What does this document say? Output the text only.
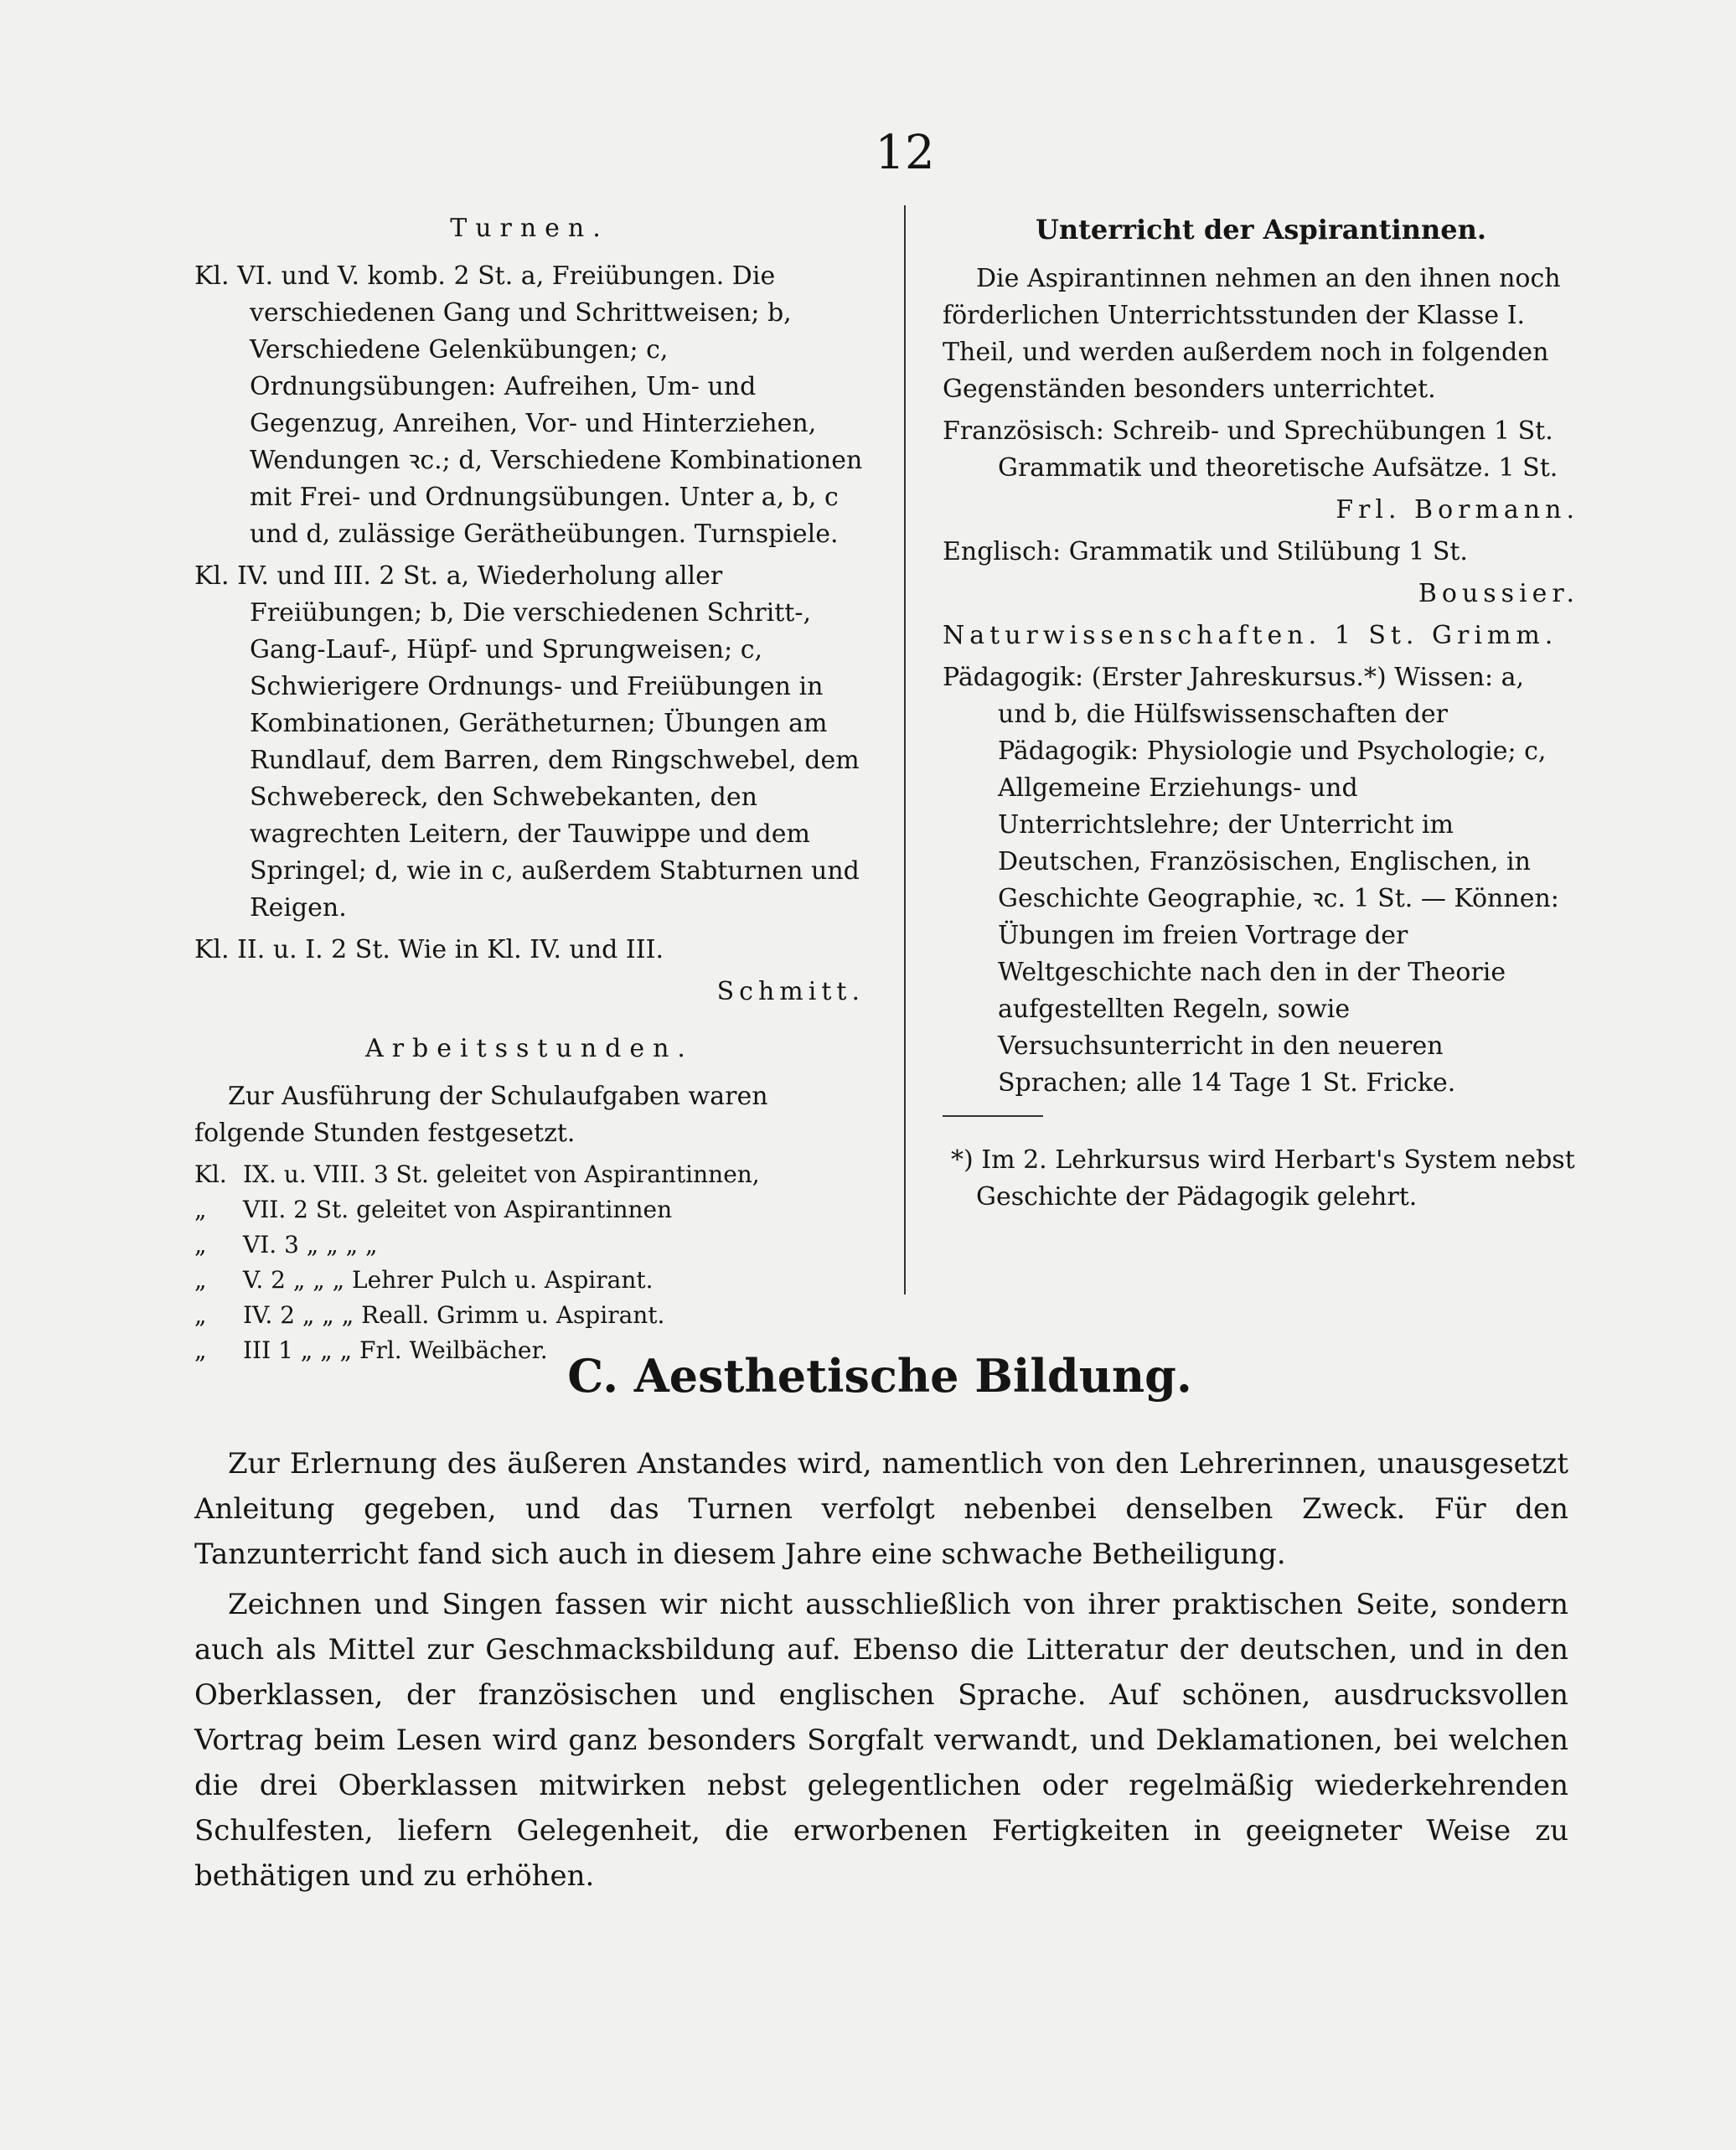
12
Turnen.

Kl. VI. und V. komb. 2 St. a, Freiübungen. Die verschiedenen Gang und Schrittweisen; b, Verschiedene Gelenkübungen; c, Ordnungsübungen: Aufreihen, Um- und Gegenzug, Anreihen, Vor- und Hinterziehen, Wendungen ꝛc.; d, Verschiedene Kombinationen mit Frei- und Ordnungsübungen. Unter a, b, c und d, zulässige Gerätheübungen. Turnspiele.

Kl. IV. und III. 2 St. a, Wiederholung aller Freiübungen; b, Die verschiedenen Schritt-, Gang-Lauf-, Hüpf- und Sprungweisen; c, Schwierigere Ordnungs- und Freiübungen in Kombinationen, Gerätheturnen; Übungen am Rundlauf, dem Barren, dem Ringschwebel, dem Schwebereck, den Schwebekanten, den wagrechten Leitern, der Tauwippe und dem Springel; d, wie in c, außerdem Stabturnen und Reigen.

Kl. II. u. I. 2 St. Wie in Kl. IV. und III.

Schmitt.

Arbeitsstunden.

Zur Ausführung der Schulaufgaben waren folgende Stunden festgesetzt.

Kl. IX. u. VIII. 3 St. geleitet von Aspirantinnen,
„	VII. 2 St. geleitet von Aspirantinnen
„	VI. 3 „ „ „ „
„	V. 2 „ „ „ Lehrer Pulch u. Aspirant.
„	IV. 2 „ „ „ Reall. Grimm u. Aspirant.
„	III 1 „ „ „ Frl. Weilbächer.
Unterricht der Aspirantinnen.

Die Aspirantinnen nehmen an den ihnen noch förderlichen Unterrichtsstunden der Klasse I. Theil, und werden außerdem noch in folgenden Gegenständen besonders unterrichtet.

Französisch: Schreib- und Sprechübungen 1 St. Grammatik und theoretische Aufsätze. 1 St.

Frl. Bormann.

Englisch: Grammatik und Stilübung 1 St.

Boussier.

Naturwissenschaften. 1 St. Grimm.

Pädagogik: (Erster Jahreskursus.*) Wissen: a, und b, die Hülfswissenschaften der Pädagogik: Physiologie und Psychologie; c, Allgemeine Erziehungs- und Unterrichtslehre; der Unterricht im Deutschen, Französischen, Englischen, in Geschichte Geographie, ꝛc. 1 St. — Können: Übungen im freien Vortrage der Weltgeschichte nach den in der Theorie aufgestellten Regeln, sowie Versuchsunterricht in den neueren Sprachen; alle 14 Tage 1 St. Fricke.

*) Im 2. Lehrkursus wird Herbart's System nebst Geschichte der Pädagogik gelehrt.

C. Aesthetische Bildung.

Zur Erlernung des äußeren Anstandes wird, namentlich von den Lehrerinnen, unausgesetzt Anleitung gegeben, und das Turnen verfolgt nebenbei denselben Zweck. Für den Tanzunterricht fand sich auch in diesem Jahre eine schwache Betheiligung.

Zeichnen und Singen fassen wir nicht ausschließlich von ihrer praktischen Seite, sondern auch als Mittel zur Geschmacksbildung auf. Ebenso die Litteratur der deutschen, und in den Oberklassen, der französischen und englischen Sprache. Auf schönen, ausdrucksvollen Vortrag beim Lesen wird ganz besonders Sorgfalt verwandt, und Deklamationen, bei welchen die drei Oberklassen mitwirken nebst gelegentlichen oder regelmäßig wiederkehrenden Schulfesten, liefern Gelegenheit, die erworbenen Fertigkeiten in geeigneter Weise zu bethätigen und zu erhöhen.
